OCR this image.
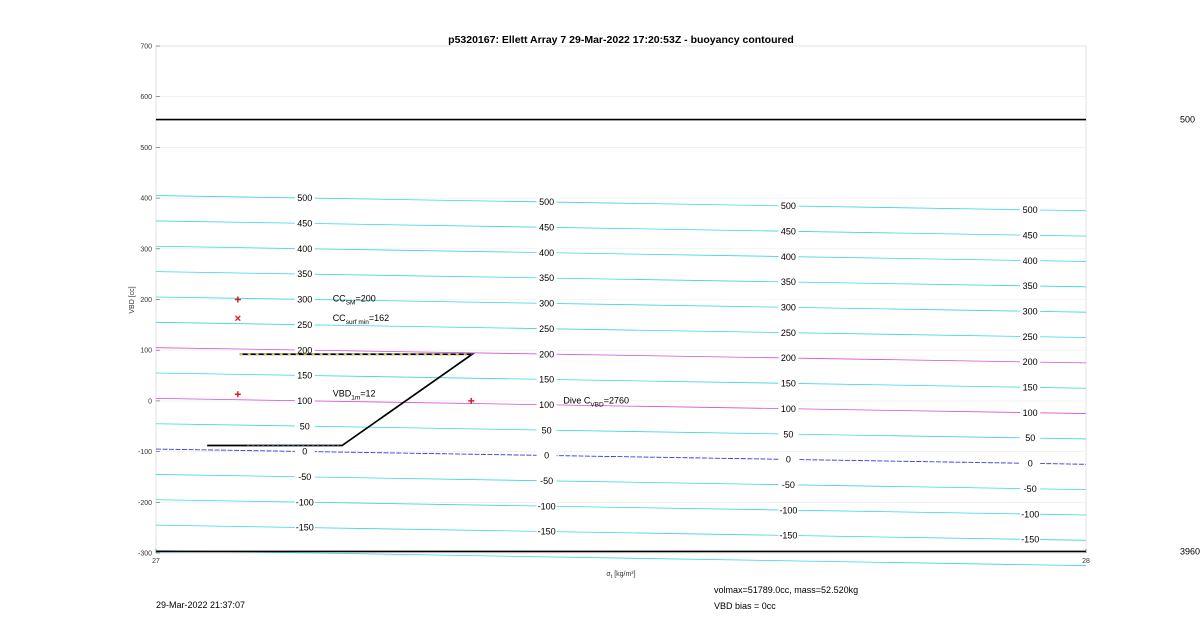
-150	-150	-150	-150
-100	-100	-100	-100
-50	-50	-50	-50
0	0	0	0
50	50	50	50
100	100	100	100
150	150	150	150
200	200	200	200
250	250	250	250
300	300	300	300
350	350	350	350
400	400	400	400
450	450	450	450
500	500	500	500
500
3960
$CC_{SM}=200$
$CC_{surf min}=162$
$VBD_{1m}=12$
Dive $C_{VBD}=2760$
-300
-200
-100
0
100
200
300
400
500
600
700
27	28
p5320167: Ellett Array 7 29-Mar-2022 17:20:53Z - buoyancy contoured
VBD [cc]
$\sigma_t$ [kg/m³]
29-Mar-2022 21:37:07
volmax=51789.0cc, mass=52.520kg
VBD bias = 0cc
